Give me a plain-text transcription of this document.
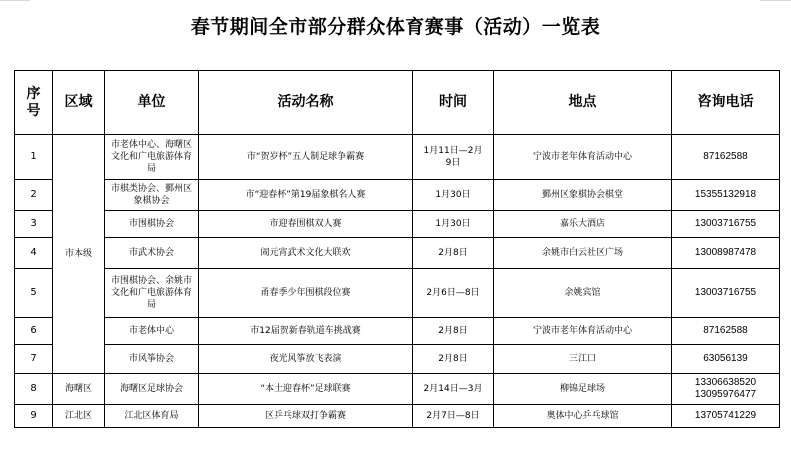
春节期间全市部分群众体育赛事（活动）一览表
序号	区域	单位	活动名称	时间	地点	咨询电话
1	市本级	市老体中心、海曙区文化和广电旅游体育局	市“贺岁杯”五人制足球争霸赛	1月11日—2月9日	宁波市老年体育活动中心	87162588
2		市棋类协会、鄞州区象棋协会	市“迎春杯”第19届象棋名人赛	1月30日	鄞州区象棋协会棋堂	15355132918
3		市围棋协会	市迎春围棋双人赛	1月30日	嘉乐大酒店	13003716755
4		市武术协会	闹元宵武术文化大联欢	2月8日	余姚市白云社区广场	13008987478
5		市围棋协会、余姚市文化和广电旅游体育局	甬春季少年围棋段位赛	2月6日—8日	余姚宾馆	13003716755
6		市老体中心	市12届贺新春轨道车挑战赛	2月8日	宁波市老年体育活动中心	87162588
7		市风筝协会	夜光风筝放飞表演	2月8日	三江口	63056139
8	海曙区	海曙区足球协会	“本土迎春杯”足球联赛	2月14日—3月	柳锦足球场	13306638520
13095976477

9	江北区	江北区体育局	区乒乓球双打争霸赛	2月7日—8日	奥体中心乒乓球馆	13705741229
